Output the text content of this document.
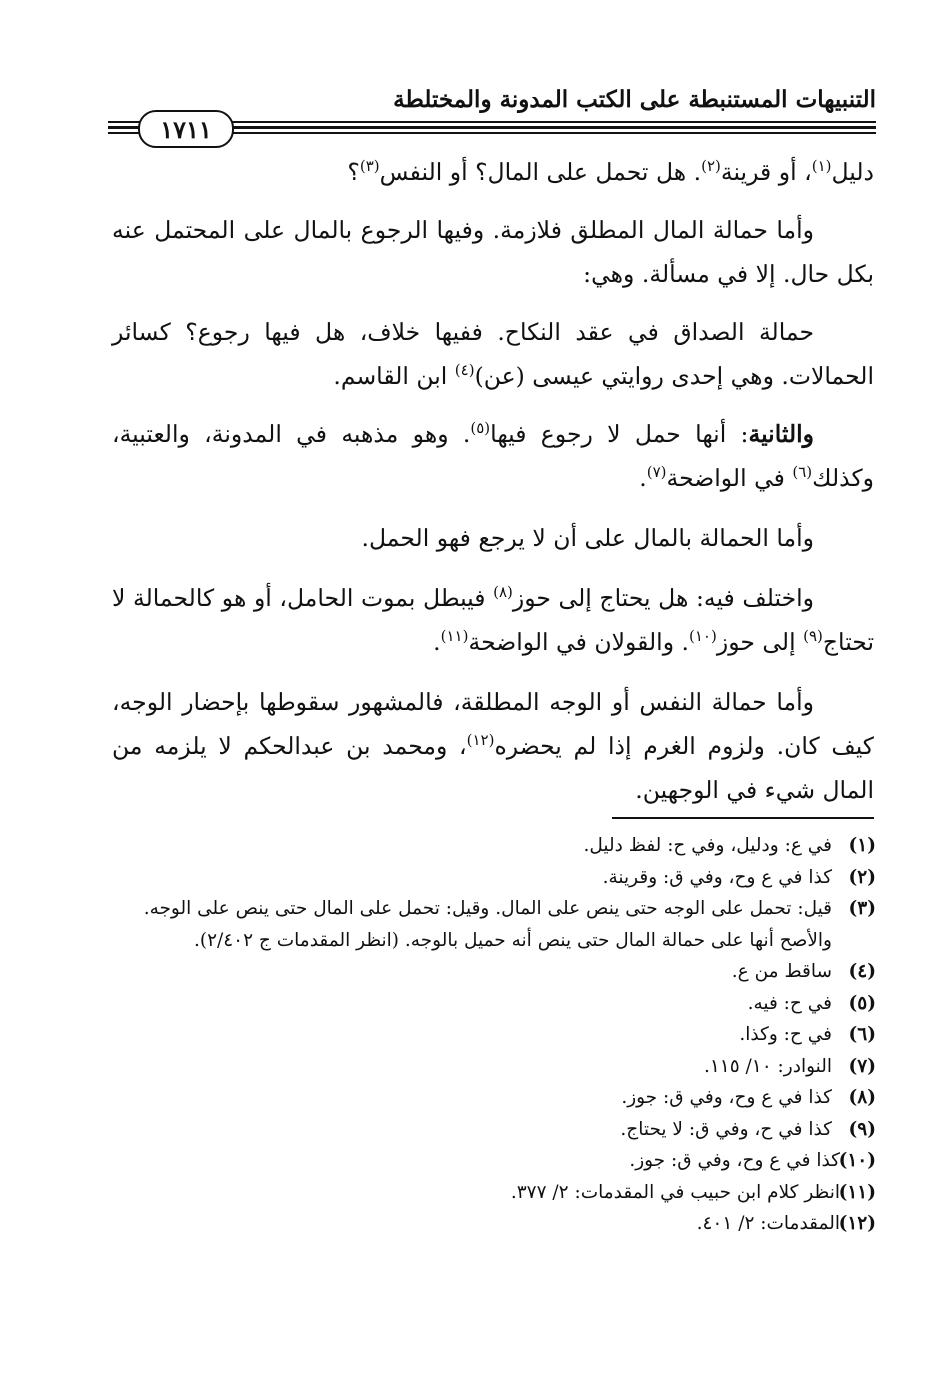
التنبيهات المستنبطة على الكتب المدونة والمختلطة
١٧١١

دليل$^{(١)}$، أو قرينة$^{(٢)}$. هل تحمل على المال؟ أو النفس$^{(٣)}$؟

وأما حمالة المال المطلق فلازمة. وفيها الرجوع بالمال على المحتمل عنه بكل حال. إلا في مسألة. وهي:

حمالة الصداق في عقد النكاح. ففيها خلاف، هل فيها رجوع؟ كسائر الحمالات. وهي إحدى روايتي عيسى (عن)$^{(٤)}$ ابن القاسم.

والثانية: أنها حمل لا رجوع فيها$^{(٥)}$. وهو مذهبه في المدونة، والعتبية، وكذلك$^{(٦)}$ في الواضحة$^{(٧)}$.

وأما الحمالة بالمال على أن لا يرجع فهو الحمل.

واختلف فيه: هل يحتاج إلى حوز$^{(٨)}$ فيبطل بموت الحامل، أو هو كالحمالة لا تحتاج$^{(٩)}$ إلى حوز$^{(١٠)}$. والقولان في الواضحة$^{(١١)}$.

وأما حمالة النفس أو الوجه المطلقة، فالمشهور سقوطها بإحضار الوجه، كيف كان. ولزوم الغرم إذا لم يحضره$^{(١٢)}$، ومحمد بن عبدالحكم لا يلزمه من المال شيء في الوجهين.

(١)
في ع: ودليل، وفي ح: لفظ دليل.
(٢)
كذا في ع وح، وفي ق: وقرينة.
(٣)
قيل: تحمل على الوجه حتى ينص على المال. وقيل: تحمل على المال حتى ينص على الوجه. والأصح أنها على حمالة المال حتى ينص أنه حميل بالوجه. (انظر المقدمات ج ٢/٤٠٢).
(٤)
ساقط من ع.
(٥)
في ح: فيه.
(٦)
في ح: وكذا.
(٧)
النوادر: ١٠/ ١١٥.
(٨)
كذا في ع وح، وفي ق: جوز.
(٩)
كذا في ح، وفي ق: لا يحتاج.
(١٠)
كذا في ع وح، وفي ق: جوز.
(١١)
انظر كلام ابن حبيب في المقدمات: ٢/ ٣٧٧.
(١٢)
المقدمات: ٢/ ٤٠١.
